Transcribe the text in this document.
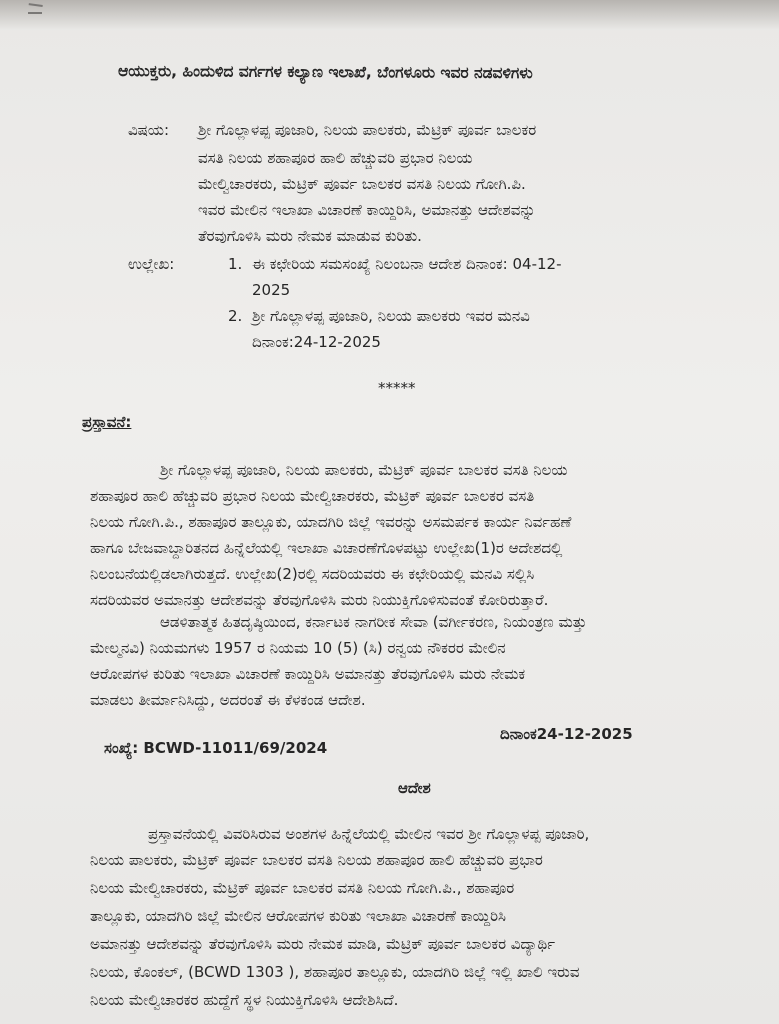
ಆಯುಕ್ತರು, ಹಿಂದುಳಿದ ವರ್ಗಗಳ ಕಲ್ಯಾಣ ಇಲಾಖೆ, ಬೆಂಗಳೂರು ಇವರ ನಡವಳಿಗಳು
ವಿಷಯ: ಶ್ರೀ ಗೊಲ್ಲಾಳಪ್ಪ ಪೂಜಾರಿ, ನಿಲಯ ಪಾಲಕರು, ಮೆಟ್ರಿಕ್ ಪೂರ್ವ ಬಾಲಕರ
ವಸತಿ ನಿಲಯ ಶಹಾಪೂರ ಹಾಲಿ ಹೆಚ್ಚುವರಿ ಪ್ರಭಾರ ನಿಲಯ
ಮೇಲ್ವಿಚಾರಕರು, ಮೆಟ್ರಿಕ್ ಪೂರ್ವ ಬಾಲಕರ ವಸತಿ ನಿಲಯ ಗೋಗಿ.ಪಿ.
ಇವರ ಮೇಲಿನ ಇಲಾಖಾ ವಿಚಾರಣೆ ಕಾಯ್ದಿರಿಸಿ, ಅಮಾನತ್ತು ಆದೇಶವನ್ನು
ತೆರವುಗೊಳಿಸಿ ಮರು ನೇಮಕ ಮಾಡುವ ಕುರಿತು.
ಉಲ್ಲೇಖ:	1. ಈ ಕಛೇರಿಯ ಸಮಸಂಖ್ಯೆ ನಿಲಂಬನಾ ಆದೇಶ ದಿನಾಂಕ: 04-12-
2025
2. ಶ್ರೀ ಗೊಲ್ಲಾಳಪ್ಪ ಪೂಜಾರಿ, ನಿಲಯ ಪಾಲಕರು ಇವರ ಮನವಿ
ದಿನಾಂಕ:24-12-2025
*****
ಪ್ರಸ್ತಾವನೆ:
ಶ್ರೀ ಗೊಲ್ಲಾಳಪ್ಪ ಪೂಜಾರಿ, ನಿಲಯ ಪಾಲಕರು, ಮೆಟ್ರಿಕ್ ಪೂರ್ವ ಬಾಲಕರ ವಸತಿ ನಿಲಯ
ಶಹಾಪೂರ ಹಾಲಿ ಹೆಚ್ಚುವರಿ ಪ್ರಭಾರ ನಿಲಯ ಮೇಲ್ವಿಚಾರಕರು, ಮೆಟ್ರಿಕ್ ಪೂರ್ವ ಬಾಲಕರ ವಸತಿ
ನಿಲಯ ಗೋಗಿ.ಪಿ., ಶಹಾಪೂರ ತಾಲ್ಲೂಕು, ಯಾದಗಿರಿ ಜಿಲ್ಲೆ ಇವರನ್ನು ಅಸಮರ್ಪಕ ಕಾರ್ಯ ನಿರ್ವಹಣೆ
ಹಾಗೂ ಬೇಜವಾಬ್ದಾರಿತನದ ಹಿನ್ನೆಲೆಯಲ್ಲಿ ಇಲಾಖಾ ವಿಚಾರಣೆಗೊಳಪಟ್ಟು ಉಲ್ಲೇಖ(1)ರ ಆದೇಶದಲ್ಲಿ
ನಿಲಂಬನೆಯಲ್ಲಿಡಲಾಗಿರುತ್ತದೆ. ಉಲ್ಲೇಖ(2)ರಲ್ಲಿ ಸದರಿಯವರು ಈ ಕಛೇರಿಯಲ್ಲಿ ಮನವಿ ಸಲ್ಲಿಸಿ
ಸದರಿಯವರ ಅಮಾನತ್ತು ಆದೇಶವನ್ನು ತೆರವುಗೊಳಿಸಿ ಮರು ನಿಯುಕ್ತಿಗೊಳಿಸುವಂತೆ ಕೋರಿರುತ್ತಾರೆ.
ಆಡಳಿತಾತ್ಮಕ ಹಿತದೃಷ್ಠಿಯಿಂದ, ಕರ್ನಾಟಕ ನಾಗರೀಕ ಸೇವಾ (ವರ್ಗೀಕರಣ, ನಿಯಂತ್ರಣ ಮತ್ತು
ಮೇಲ್ಮನವಿ) ನಿಯಮಗಳು 1957 ರ ನಿಯಮ 10 (5) (ಸಿ) ರನ್ವಯ ನೌಕರರ ಮೇಲಿನ
ಆರೋಪಗಳ ಕುರಿತು ಇಲಾಖಾ ವಿಚಾರಣೆ ಕಾಯ್ದಿರಿಸಿ ಅಮಾನತ್ತು ತೆರವುಗೊಳಿಸಿ ಮರು ನೇಮಕ
ಮಾಡಲು ತೀರ್ಮಾನಿಸಿದ್ದು, ಅದರಂತೆ ಈ ಕೆಳಕಂಡ ಆದೇಶ.
ಸಂಖ್ಯೆ: BCWD-11011/69/2024
ದಿನಾಂಕ24-12-2025
ಆದೇಶ
ಪ್ರಸ್ತಾವನೆಯಲ್ಲಿ ವಿವರಿಸಿರುವ ಅಂಶಗಳ ಹಿನ್ನೆಲೆಯಲ್ಲಿ ಮೇಲಿನ ಇವರ ಶ್ರೀ ಗೊಲ್ಲಾಳಪ್ಪ ಪೂಜಾರಿ,
ನಿಲಯ ಪಾಲಕರು, ಮೆಟ್ರಿಕ್ ಪೂರ್ವ ಬಾಲಕರ ವಸತಿ ನಿಲಯ ಶಹಾಪೂರ ಹಾಲಿ ಹೆಚ್ಚುವರಿ ಪ್ರಭಾರ
ನಿಲಯ ಮೇಲ್ವಿಚಾರಕರು, ಮೆಟ್ರಿಕ್ ಪೂರ್ವ ಬಾಲಕರ ವಸತಿ ನಿಲಯ ಗೋಗಿ.ಪಿ., ಶಹಾಪೂರ
ತಾಲ್ಲೂಕು, ಯಾದಗಿರಿ ಜಿಲ್ಲೆ ಮೇಲಿನ ಆರೋಪಗಳ ಕುರಿತು ಇಲಾಖಾ ವಿಚಾರಣೆ ಕಾಯ್ದಿರಿಸಿ
ಅಮಾನತ್ತು ಆದೇಶವನ್ನು ತೆರವುಗೊಳಿಸಿ ಮರು ನೇಮಕ ಮಾಡಿ, ಮೆಟ್ರಿಕ್ ಪೂರ್ವ ಬಾಲಕರ ವಿದ್ಯಾರ್ಥಿ
ನಿಲಯ, ಕೊಂಕಲ್, (BCWD 1303 ), ಶಹಾಪೂರ ತಾಲ್ಲೂಕು, ಯಾದಗಿರಿ ಜಿಲ್ಲೆ ಇಲ್ಲಿ ಖಾಲಿ ಇರುವ
ನಿಲಯ ಮೇಲ್ವಿಚಾರಕರ ಹುದ್ದೆಗೆ ಸ್ಥಳ ನಿಯುಕ್ತಿಗೊಳಿಸಿ ಆದೇಶಿಸಿದೆ.
